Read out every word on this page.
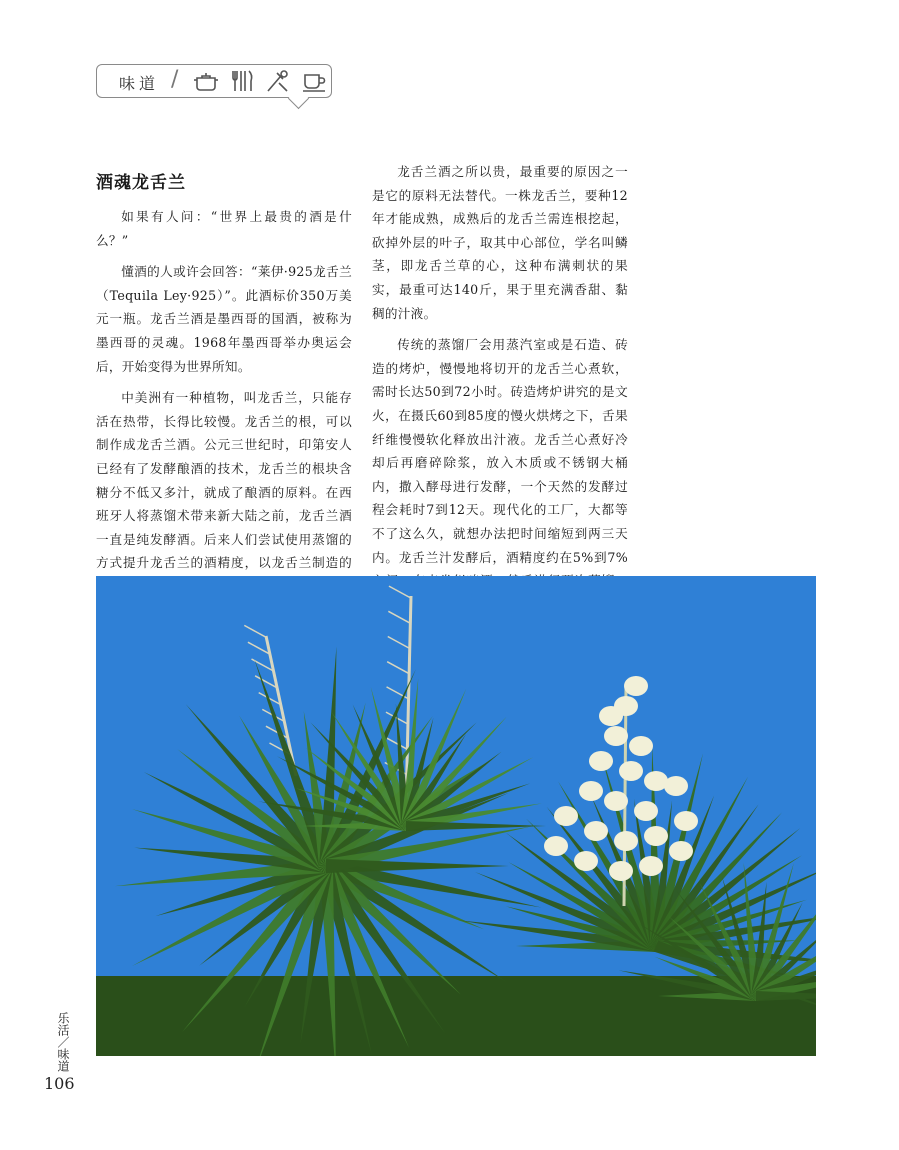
味道 /
酒魂龙舌兰

如果有人问：“世界上最贵的酒是什么？”

懂酒的人或许会回答：“莱伊·925龙舌兰（Tequila Ley·925）”。此酒标价350万美元一瓶。龙舌兰酒是墨西哥的国酒，被称为墨西哥的灵魂。1968年墨西哥举办奥运会后，开始变得为世界所知。

中美洲有一种植物，叫龙舌兰，只能存活在热带，长得比较慢。龙舌兰的根，可以制作成龙舌兰酒。公元三世纪时，印第安人已经有了发酵酿酒的技术，龙舌兰的根块含糖分不低又多汁，就成了酿酒的原料。在西班牙人将蒸馏术带来新大陆之前，龙舌兰酒一直是纯发酵酒。后来人们尝试使用蒸馏的方式提升龙舌兰的酒精度，以龙舌兰制造的

龙舌兰酒之所以贵，最重要的原因之一是它的原料无法替代。一株龙舌兰，要种12年才能成熟，成熟后的龙舌兰需连根挖起，砍掉外层的叶子，取其中心部位，学名叫鳞茎，即龙舌兰草的心，这种布满刺状的果实，最重可达140斤，果于里充满香甜、黏稠的汁液。

传统的蒸馏厂会用蒸汽室或是石造、砖造的烤炉，慢慢地将切开的龙舌兰心煮软，需时长达50到72小时。砖造烤炉讲究的是文火，在摄氏60到85度的慢火烘烤之下，舌果纤维慢慢软化释放出汁液。龙舌兰心煮好冷却后再磨碎除浆，放入木质或不锈钢大桶内，撒入酵母进行发酵，一个天然的发酵过程会耗时7到12天。现代化的工厂，大都等不了这么久，就想办法把时间缩短到两三天内。龙舌兰汁发酵后，酒精度约在5%到7%

乐活／味道
106
